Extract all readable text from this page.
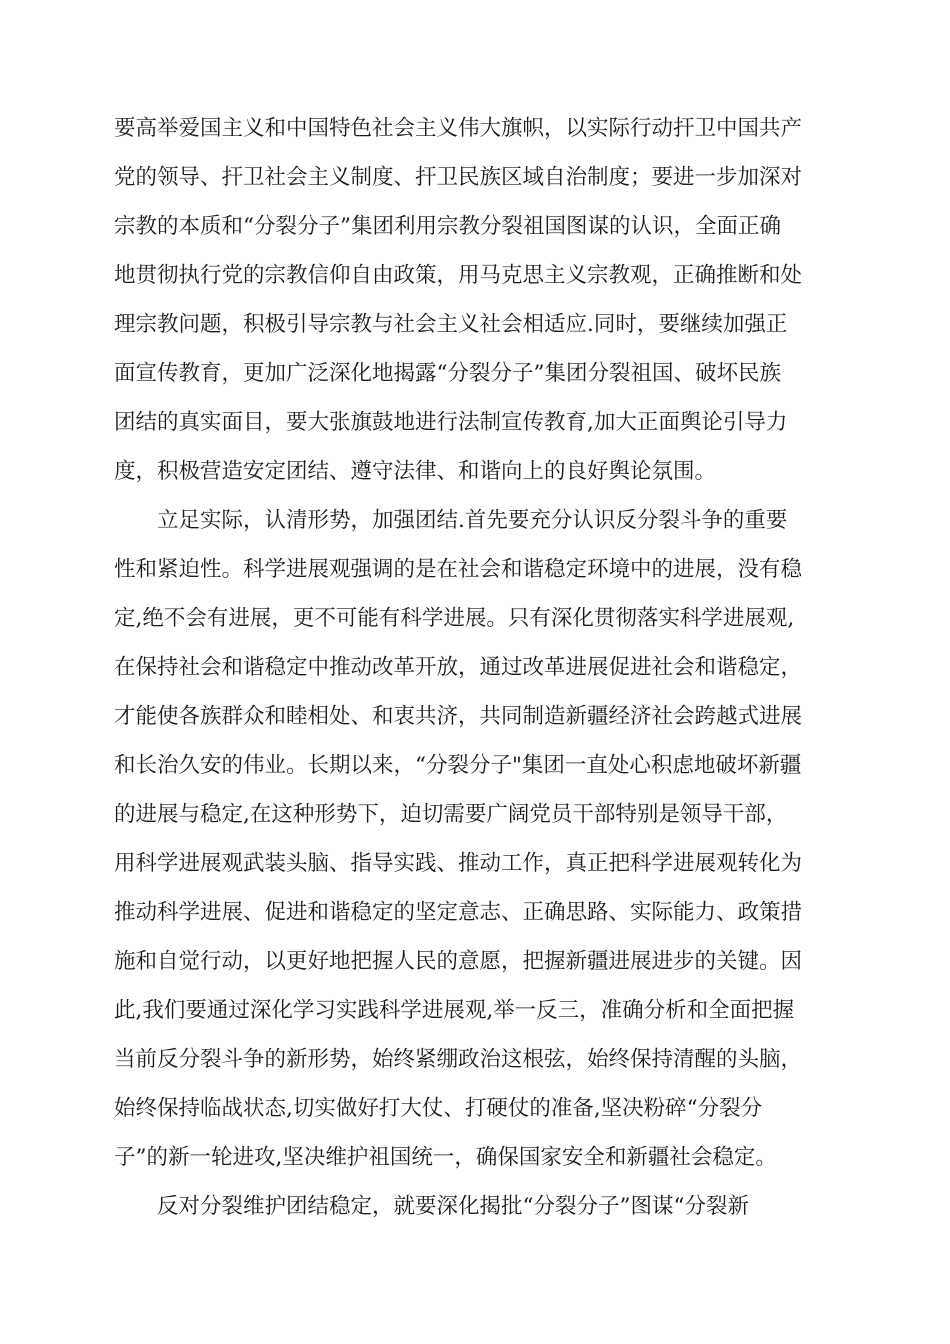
要高举爱国主义和中国特色社会主义伟大旗帜，以实际行动扞卫中国共产
党的领导、扞卫社会主义制度、扞卫民族区域自治制度；要进一步加深对
宗教的本质和“分裂分子”集团利用宗教分裂祖国图谋的认识，全面正确
地贯彻执行党的宗教信仰自由政策，用马克思主义宗教观，正确推断和处
理宗教问题，积极引导宗教与社会主义社会相适应.同时，要继续加强正
面宣传教育，更加广泛深化地揭露“分裂分子”集团分裂祖国、破坏民族
团结的真实面目，要大张旗鼓地进行法制宣传教育,加大正面舆论引导力
度，积极营造安定团结、遵守法律、和谐向上的良好舆论氛围。
立足实际，认清形势，加强团结.首先要充分认识反分裂斗争的重要
性和紧迫性。科学进展观强调的是在社会和谐稳定环境中的进展，没有稳
定,绝不会有进展，更不可能有科学进展。只有深化贯彻落实科学进展观,
在保持社会和谐稳定中推动改革开放，通过改革进展促进社会和谐稳定，
才能使各族群众和睦相处、和衷共济，共同制造新疆经济社会跨越式进展
和长治久安的伟业。长期以来，“分裂分子"集团一直处心积虑地破坏新疆
的进展与稳定,在这种形势下，迫切需要广阔党员干部特别是领导干部，
用科学进展观武装头脑、指导实践、推动工作，真正把科学进展观转化为
推动科学进展、促进和谐稳定的坚定意志、正确思路、实际能力、政策措
施和自觉行动，以更好地把握人民的意愿，把握新疆进展进步的关键。因
此,我们要通过深化学习实践科学进展观,举一反三，准确分析和全面把握
当前反分裂斗争的新形势，始终紧绷政治这根弦，始终保持清醒的头脑，
始终保持临战状态,切实做好打大仗、打硬仗的准备,坚决粉碎“分裂分
子”的新一轮进攻,坚决维护祖国统一，确保国家安全和新疆社会稳定。
反对分裂维护团结稳定，就要深化揭批“分裂分子”图谋“分裂新
